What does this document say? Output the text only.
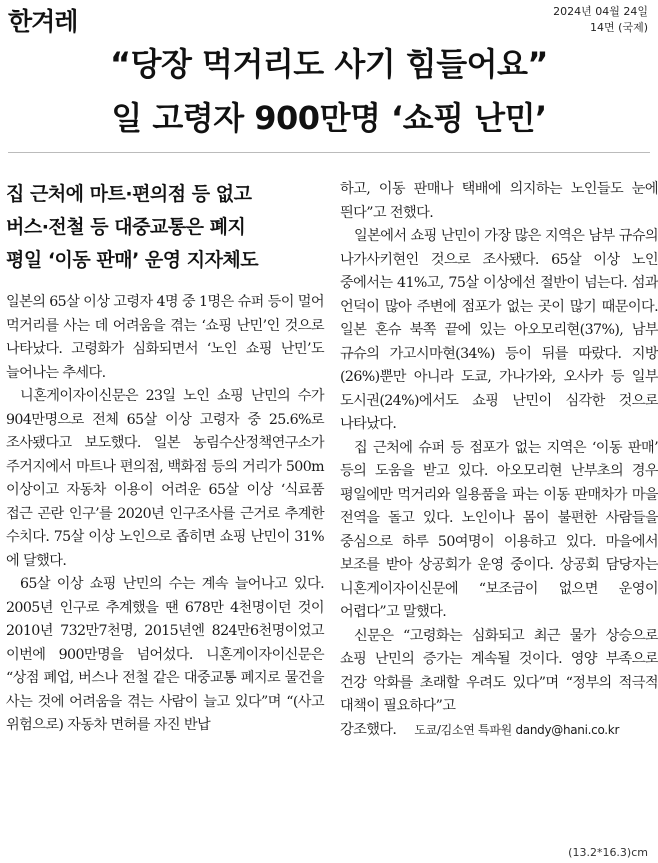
한겨레	2024년 04월 24일
14면 (국제)
“당장 먹거리도 사기 힘들어요”
일 고령자 900만명 ‘쇼핑 난민’
집 근처에 마트·편의점 등 없고
버스·전철 등 대중교통은 폐지
평일 ‘이동 판매’ 운영 지자체도

일본의 65살 이상 고령자 4명 중 1명은 슈퍼 등이 멀어 먹거리를 사는 데 어려움을 겪는 ‘쇼핑 난민’인 것으로 나타났다. 고령화가 심화되면서 ‘노인 쇼핑 난민’도 늘어나는 추세다.

니혼게이자이신문은 23일 노인 쇼핑 난민의 수가 904만명으로 전체 65살 이상 고령자 중 25.6%로 조사됐다고 보도했다. 일본 농림수산정책연구소가 주거지에서 마트나 편의점, 백화점 등의 거리가 500m 이상이고 자동차 이용이 어려운 65살 이상 ‘식료품 접근 곤란 인구’를 2020년 인구조사를 근거로 추계한 수치다. 75살 이상 노인으로 좁히면 쇼핑 난민이 31%에 달했다.

65살 이상 쇼핑 난민의 수는 계속 늘어나고 있다. 2005년 인구로 추계했을 땐 678만 4천명이던 것이 2010년 732만7천명, 2015년엔 824만6천명이었고 이번에 900만명을 넘어섰다. 니혼게이자이신문은 “상점 폐업, 버스나 전철 같은 대중교통 폐지로 물건을 사는 것에 어려움을 겪는 사람이 늘고 있다”며 “(사고 위험으로) 자동차 면허를 자진 반납

하고, 이동 판매나 택배에 의지하는 노인들도 눈에 띈다”고 전했다.

일본에서 쇼핑 난민이 가장 많은 지역은 남부 규슈의 나가사키현인 것으로 조사됐다. 65살 이상 노인 중에서는 41%고, 75살 이상에선 절반이 넘는다. 섬과 언덕이 많아 주변에 점포가 없는 곳이 많기 때문이다. 일본 혼슈 북쪽 끝에 있는 아오모리현(37%), 남부 규슈의 가고시마현(34%) 등이 뒤를 따랐다. 지방(26%)뿐만 아니라 도쿄, 가나가와, 오사카 등 일부 도시권(24%)에서도 쇼핑 난민이 심각한 것으로 나타났다.

집 근처에 슈퍼 등 점포가 없는 지역은 ‘이동 판매’ 등의 도움을 받고 있다. 아오모리현 난부초의 경우 평일에만 먹거리와 일용품을 파는 이동 판매차가 마을 전역을 돌고 있다. 노인이나 몸이 불편한 사람들을 중심으로 하루 50여명이 이용하고 있다. 마을에서 보조를 받아 상공회가 운영 중이다. 상공회 담당자는 니혼게이자이신문에 “보조금이 없으면 운영이 어렵다”고 말했다.

신문은 “고령화는 심화되고 최근 물가 상승으로 쇼핑 난민의 증가는 계속될 것이다. 영양 부족으로 건강 악화를 초래할 우려도 있다”며 “정부의 적극적 대책이 필요하다”고

강조했다. 도쿄/김소연 특파원 dandy@hani.co.kr
(13.2*16.3)cm
